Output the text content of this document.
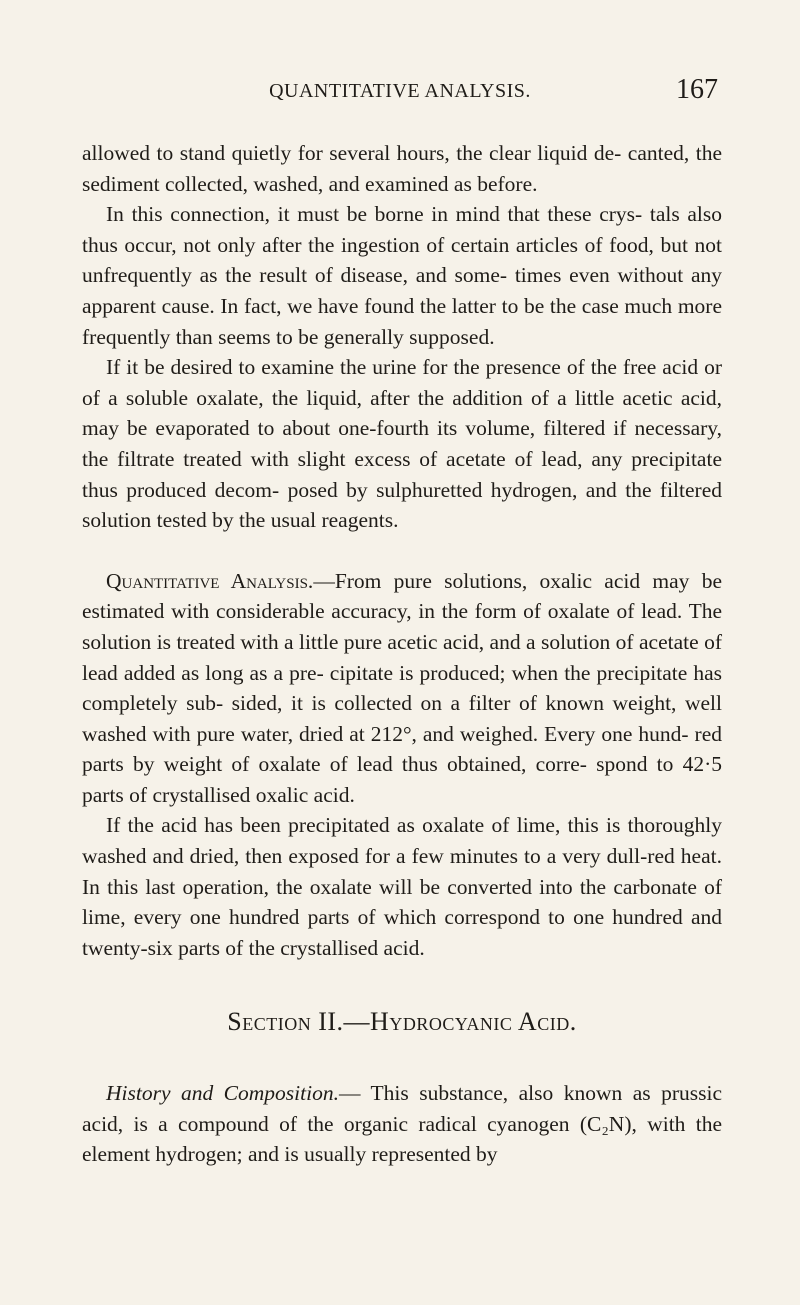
QUANTITATIVE ANALYSIS.	167

allowed to stand quietly for several hours, the clear liquid de- canted, the sediment collected, washed, and examined as before.

In this connection, it must be borne in mind that these crys- tals also thus occur, not only after the ingestion of certain articles of food, but not unfrequently as the result of disease, and some- times even without any apparent cause. In fact, we have found the latter to be the case much more frequently than seems to be generally supposed.

If it be desired to examine the urine for the presence of the free acid or of a soluble oxalate, the liquid, after the addition of a little acetic acid, may be evaporated to about one-fourth its volume, filtered if necessary, the filtrate treated with slight excess of acetate of lead, any precipitate thus produced decom- posed by sulphuretted hydrogen, and the filtered solution tested by the usual reagents.

Quantitative Analysis.—From pure solutions, oxalic acid may be estimated with considerable accuracy, in the form of oxalate of lead. The solution is treated with a little pure acetic acid, and a solution of acetate of lead added as long as a pre- cipitate is produced; when the precipitate has completely sub- sided, it is collected on a filter of known weight, well washed with pure water, dried at 212°, and weighed. Every one hund- red parts by weight of oxalate of lead thus obtained, corre- spond to 42·5 parts of crystallised oxalic acid.

If the acid has been precipitated as oxalate of lime, this is thoroughly washed and dried, then exposed for a few minutes to a very dull-red heat. In this last operation, the oxalate will be converted into the carbonate of lime, every one hundred parts of which correspond to one hundred and twenty-six parts of the crystallised acid.

Section II.—Hydrocyanic Acid.

History and Composition.— This substance, also known as prussic acid, is a compound of the organic radical cyanogen (C₂N), with the element hydrogen; and is usually represented by
